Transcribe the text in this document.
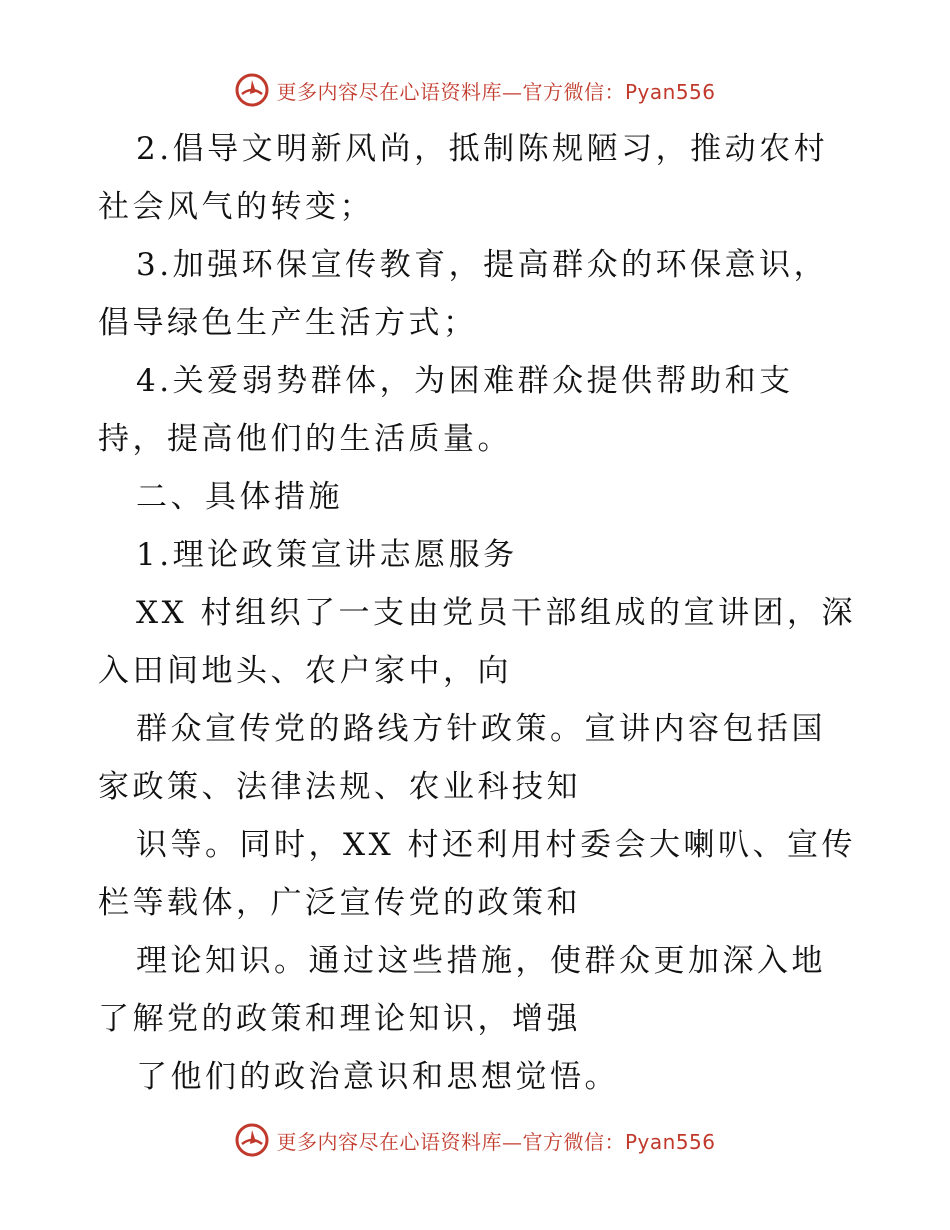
更多内容尽在心语资料库—官方微信：Pyan556

2.倡导文明新风尚，抵制陈规陋习，推动农村社会风气的转变；

3.加强环保宣传教育，提高群众的环保意识，倡导绿色生产生活方式；

4.关爱弱势群体，为困难群众提供帮助和支持，提高他们的生活质量。

二、具体措施

1.理论政策宣讲志愿服务

XX 村组织了一支由党员干部组成的宣讲团，深入田间地头、农户家中，向

群众宣传党的路线方针政策。宣讲内容包括国家政策、法律法规、农业科技知

识等。同时，XX 村还利用村委会大喇叭、宣传栏等载体，广泛宣传党的政策和

理论知识。通过这些措施，使群众更加深入地了解党的政策和理论知识，增强

了他们的政治意识和思想觉悟。

更多内容尽在心语资料库—官方微信：Pyan556
